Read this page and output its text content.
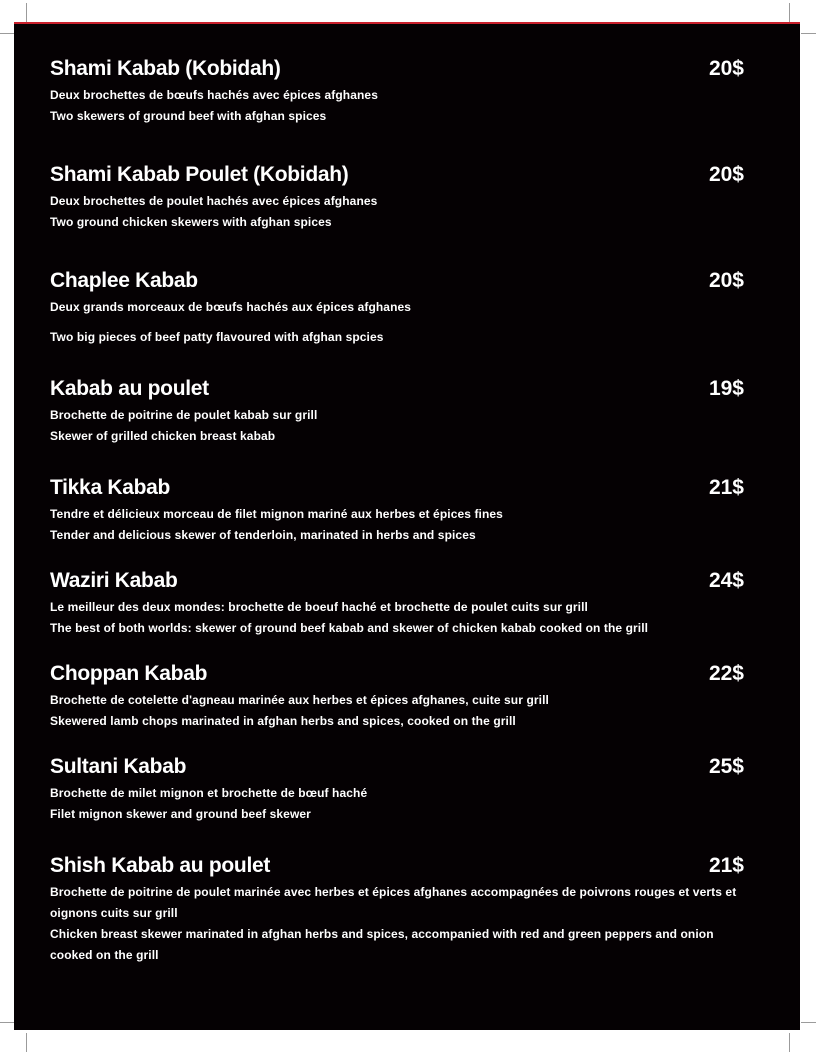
Shami Kabab (Kobidah)	20$
Deux brochettes de bœufs hachés avec épices afghanes
Two skewers of ground beef with afghan spices
Shami Kabab Poulet (Kobidah)	20$
Deux brochettes de poulet hachés avec épices afghanes
Two ground chicken skewers with afghan spices
Chaplee Kabab	20$
Deux grands morceaux de bœufs hachés aux épices afghanes
Two big pieces of beef patty flavoured with afghan spcies
Kabab au poulet	19$
Brochette de poitrine de poulet kabab sur grill
Skewer of grilled chicken breast kabab
Tikka Kabab	21$
Tendre et délicieux morceau de filet mignon mariné aux herbes et épices fines
Tender and delicious skewer of tenderloin, marinated in herbs and spices
Waziri Kabab	24$
Le meilleur des deux mondes: brochette de boeuf haché et brochette de poulet cuits sur grill
The best of both worlds: skewer of ground beef kabab and skewer of chicken kabab cooked on the grill
Choppan Kabab	22$
Brochette de cotelette d'agneau marinée aux herbes et épices afghanes, cuite sur grill
Skewered lamb chops marinated in afghan herbs and spices, cooked on the grill
Sultani Kabab	25$
Brochette de milet mignon et brochette de bœuf haché
Filet mignon skewer and ground beef skewer
Shish Kabab au poulet	21$
Brochette de poitrine de poulet marinée avec herbes et épices afghanes accompagnées de poivrons rouges et verts et oignons cuits sur grill
Chicken breast skewer marinated in afghan herbs and spices, accompanied with red and green peppers and onion cooked on the grill
